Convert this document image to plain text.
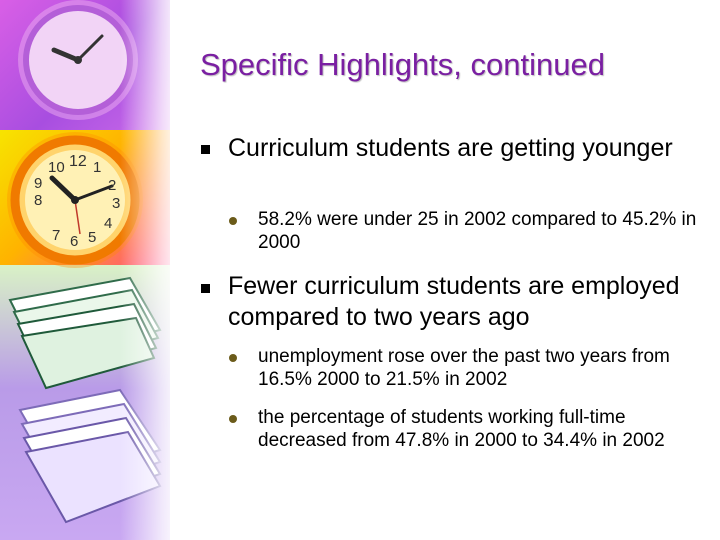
12 1
2
3
4
5
6
7
8
9
10
Specific Highlights, continued
Curriculum students are getting younger
58.2% were under 25 in 2002 compared to 45.2% in 2000
Fewer curriculum students are employed compared to two years ago
unemployment rose over the past two years from 16.5% 2000 to 21.5% in 2002
the percentage of students working full-time decreased from 47.8% in 2000 to 34.4% in 2002
